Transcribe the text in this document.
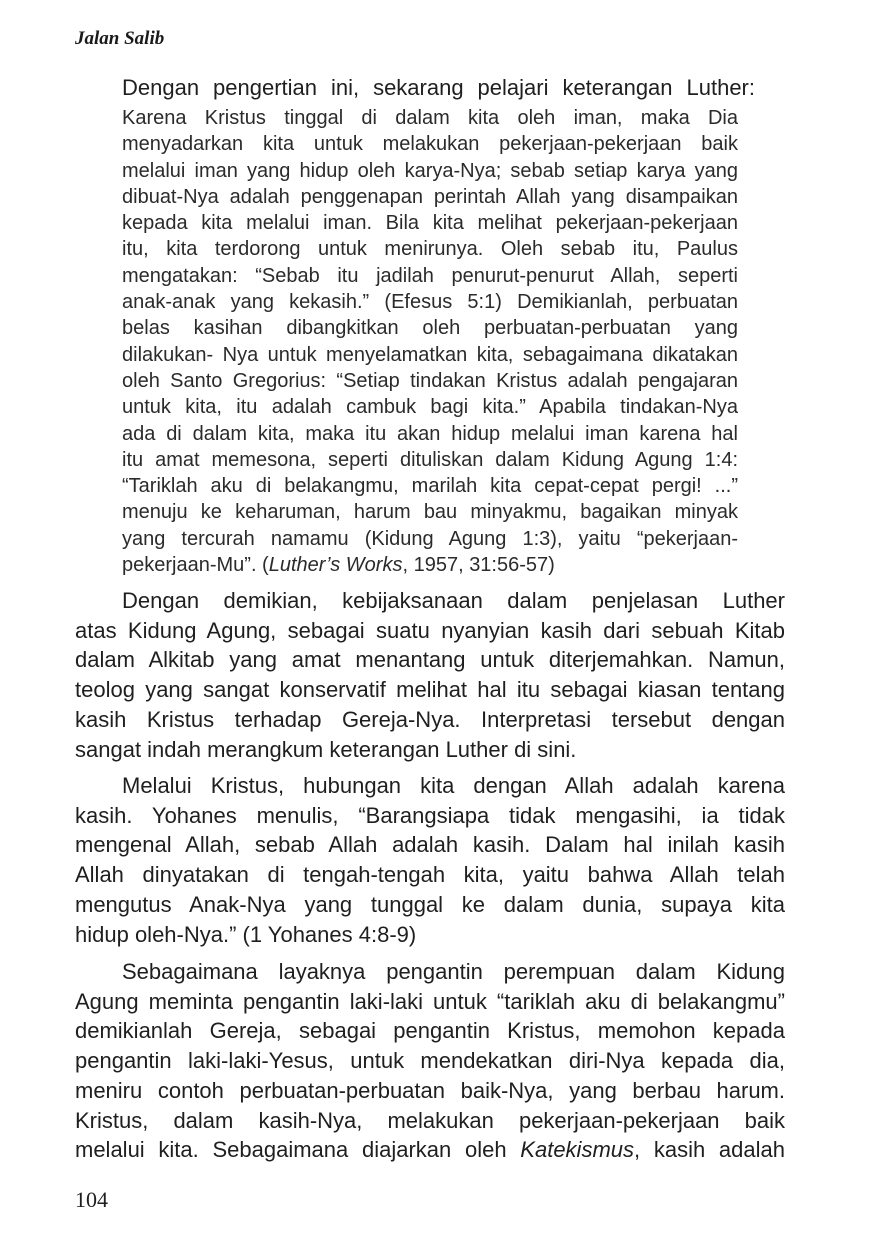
Jalan Salib
Dengan pengertian ini, sekarang pelajari keterangan Luther:
Karena Kristus tinggal di dalam kita oleh iman, maka Dia
menyadarkan kita untuk melakukan pekerjaan-pekerjaan baik
melalui iman yang hidup oleh karya-Nya; sebab setiap karya yang
dibuat-Nya adalah penggenapan perintah Allah yang disampaikan
kepada kita melalui iman. Bila kita melihat pekerjaan-pekerjaan
itu, kita terdorong untuk menirunya. Oleh sebab itu, Paulus
mengatakan: “Sebab itu jadilah penurut-penurut Allah, seperti
anak-anak yang kekasih.” (Efesus 5:1) Demikianlah, perbuatan
belas kasihan dibangkitkan oleh perbuatan-perbuatan yang
dilakukan- Nya untuk menyelamatkan kita, sebagaimana dikatakan
oleh Santo Gregorius: “Setiap tindakan Kristus adalah pengajaran
untuk kita, itu adalah cambuk bagi kita.” Apabila tindakan-Nya
ada di dalam kita, maka itu akan hidup melalui iman karena hal
itu amat memesona, seperti dituliskan dalam Kidung Agung 1:4:
“Tariklah aku di belakangmu, marilah kita cepat-cepat pergi! ...”
menuju ke keharuman, harum bau minyakmu, bagaikan minyak
yang tercurah namamu (Kidung Agung 1:3), yaitu “pekerjaan-
pekerjaan-Mu”. (Luther’s Works, 1957, 31:56-57)
Dengan demikian, kebijaksanaan dalam penjelasan Luther
atas Kidung Agung, sebagai suatu nyanyian kasih dari sebuah Kitab
dalam Alkitab yang amat menantang untuk diterjemahkan. Namun,
teolog yang sangat konservatif melihat hal itu sebagai kiasan tentang
kasih Kristus terhadap Gereja-Nya. Interpretasi tersebut dengan
sangat indah merangkum keterangan Luther di sini.
Melalui Kristus, hubungan kita dengan Allah adalah karena
kasih. Yohanes menulis, “Barangsiapa tidak mengasihi, ia tidak
mengenal Allah, sebab Allah adalah kasih. Dalam hal inilah kasih
Allah dinyatakan di tengah-tengah kita, yaitu bahwa Allah telah
mengutus Anak-Nya yang tunggal ke dalam dunia, supaya kita
hidup oleh-Nya.” (1 Yohanes 4:8-9)
Sebagaimana layaknya pengantin perempuan dalam Kidung
Agung meminta pengantin laki-laki untuk “tariklah aku di belakangmu”
demikianlah Gereja, sebagai pengantin Kristus, memohon kepada
pengantin laki-laki-Yesus, untuk mendekatkan diri-Nya kepada dia,
meniru contoh perbuatan-perbuatan baik-Nya, yang berbau harum.
Kristus, dalam kasih-Nya, melakukan pekerjaan-pekerjaan baik
melalui kita. Sebagaimana diajarkan oleh Katekismus, kasih adalah
104
